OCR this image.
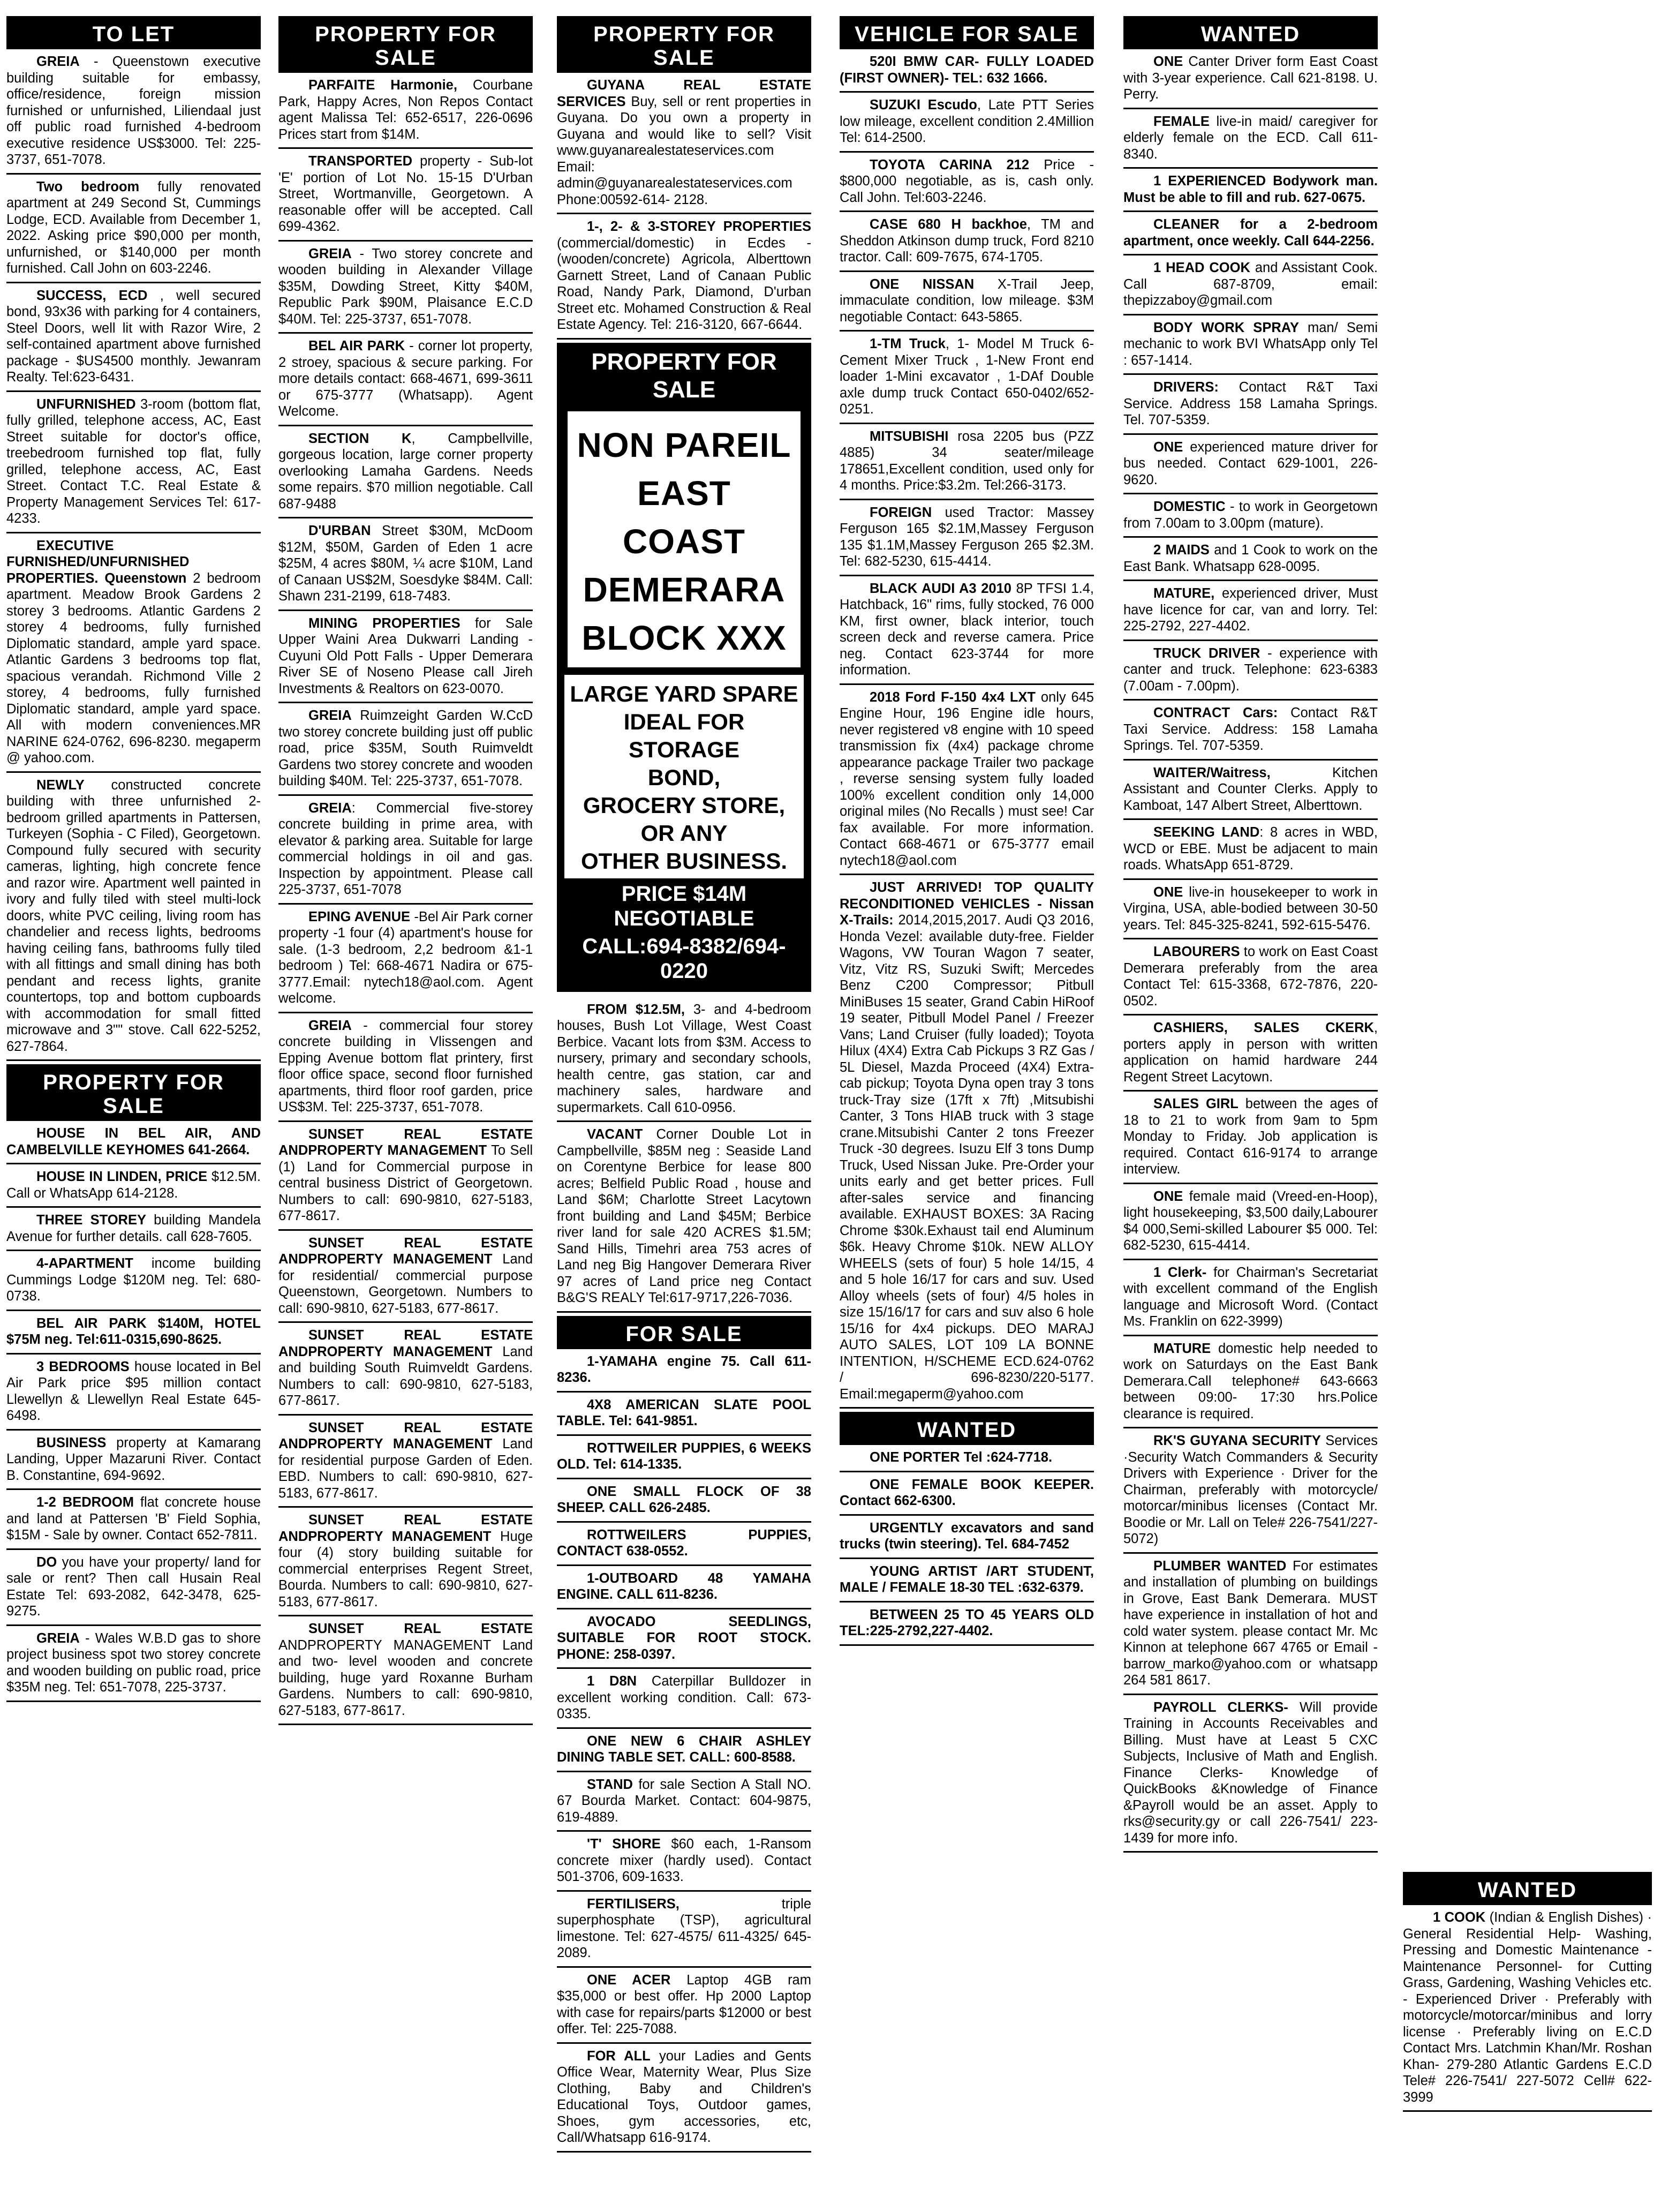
TO LET
GREIA - Queenstown executive building suitable for embassy, office/residence, foreign mission furnished or unfurnished, Liliendaal just off public road furnished 4-bedroom executive residence US$3000. Tel: 225-3737, 651-7078.
Two bedroom fully renovated apartment at 249 Second St, Cummings Lodge, ECD. Available from December 1, 2022. Asking price $90,000 per month, unfurnished, or $140,000 per month furnished. Call John on 603-2246.
SUCCESS, ECD , well secured bond, 93x36 with parking for 4 containers, Steel Doors, well lit with Razor Wire, 2 self-contained apartment above furnished package - $US4500 monthly. Jewanram Realty. Tel:623-6431.
UNFURNISHED 3-room (bottom flat, fully grilled, telephone access, AC, East Street suitable for doctor's office, treebedroom furnished top flat, fully grilled, telephone access, AC, East Street. Contact T.C. Real Estate & Property Management Services Tel: 617-4233.
EXECUTIVE FURNISHED/UNFURNISHED PROPERTIES. Queenstown 2 bedroom apartment. Meadow Brook Gardens 2 storey 3 bedrooms. Atlantic Gardens 2 storey 4 bedrooms, fully furnished Diplomatic standard, ample yard space. Atlantic Gardens 3 bedrooms top flat, spacious verandah. Richmond Ville 2 storey, 4 bedrooms, fully furnished Diplomatic standard, ample yard space. All with modern conveniences.MR NARINE 624-0762, 696-8230. megaperm @ yahoo.com.
NEWLY constructed concrete building with three unfurnished 2-bedroom grilled apartments in Pattersen, Turkeyen (Sophia - C Filed), Georgetown. Compound fully secured with security cameras, lighting, high concrete fence and razor wire. Apartment well painted in ivory and fully tiled with steel multi-lock doors, white PVC ceiling, living room has chandelier and recess lights, bedrooms having ceiling fans, bathrooms fully tiled with all fittings and small dining has both pendant and recess lights, granite countertops, top and bottom cupboards with accommodation for small fitted microwave and 3"" stove. Call 622-5252, 627-7864.
PROPERTY FOR SALE
HOUSE IN BEL AIR, AND CAMBELVILLE KEYHOMES 641-2664.
HOUSE IN LINDEN, PRICE $12.5M. Call or WhatsApp 614-2128.
THREE STOREY building Mandela Avenue for further details. call 628-7605.
4-APARTMENT income building Cummings Lodge $120M neg. Tel: 680-0738.
BEL AIR PARK $140M, HOTEL $75M neg. Tel:611-0315,690-8625.
3 BEDROOMS house located in Bel Air Park price $95 million contact Llewellyn & Llewellyn Real Estate 645-6498.
BUSINESS property at Kamarang Landing, Upper Mazaruni River. Contact B. Constantine, 694-9692.
1-2 BEDROOM flat concrete house and land at Pattersen 'B' Field Sophia, $15M - Sale by owner. Contact 652-7811.
DO you have your property/ land for sale or rent? Then call Husain Real Estate Tel: 693-2082, 642-3478, 625-9275.
GREIA - Wales W.B.D gas to shore project business spot two storey concrete and wooden building on public road, price $35M neg. Tel: 651-7078, 225-3737.
PROPERTY FOR SALE
PARFAITE Harmonie, Courbane Park, Happy Acres, Non Repos Contact agent Malissa Tel: 652-6517, 226-0696 Prices start from $14M.
TRANSPORTED property - Sub-lot 'E' portion of Lot No. 15-15 D'Urban Street, Wortmanville, Georgetown. A reasonable offer will be accepted. Call 699-4362.
GREIA - Two storey concrete and wooden building in Alexander Village $35M, Dowding Street, Kitty $40M, Republic Park $90M, Plaisance E.C.D $40M. Tel: 225-3737, 651-7078.
BEL AIR PARK - corner lot property, 2 stroey, spacious & secure parking. For more details contact: 668-4671, 699-3611 or 675-3777 (Whatsapp). Agent Welcome.
SECTION K, Campbellville, gorgeous location, large corner property overlooking Lamaha Gardens. Needs some repairs. $70 million negotiable. Call 687-9488
D'URBAN Street $30M, McDoom $12M, $50M, Garden of Eden 1 acre $25M, 4 acres $80M, ¼ acre $10M, Land of Canaan US$2M, Soesdyke $84M. Call: Shawn 231-2199, 618-7483.
MINING PROPERTIES for Sale Upper Waini Area Dukwarri Landing -Cuyuni Old Pott Falls - Upper Demerara River SE of Noseno Please call Jireh Investments & Realtors on 623-0070.
GREIA Ruimzeight Garden W.CcD two storey concrete building just off public road, price $35M, South Ruimveldt Gardens two storey concrete and wooden building $40M. Tel: 225-3737, 651-7078.
GREIA: Commercial five-storey concrete building in prime area, with elevator & parking area. Suitable for large commercial holdings in oil and gas. Inspection by appointment. Please call 225-3737, 651-7078
EPING AVENUE -Bel Air Park corner property -1 four (4) apartment's house for sale. (1-3 bedroom, 2,2 bedroom &1-1 bedroom ) Tel: 668-4671 Nadira or 675-3777.Email: nytech18@aol.com. Agent welcome.
GREIA - commercial four storey concrete building in Vlissengen and Epping Avenue bottom flat printery, first floor office space, second floor furnished apartments, third floor roof garden, price US$3M. Tel: 225-3737, 651-7078.
SUNSET REAL ESTATE ANDPROPERTY MANAGEMENT To Sell (1) Land for Commercial purpose in central business District of Georgetown. Numbers to call: 690-9810, 627-5183, 677-8617.
SUNSET REAL ESTATE ANDPROPERTY MANAGEMENT Land for residential/ commercial purpose Queenstown, Georgetown. Numbers to call: 690-9810, 627-5183, 677-8617.
SUNSET REAL ESTATE ANDPROPERTY MANAGEMENT Land and building South Ruimveldt Gardens. Numbers to call: 690-9810, 627-5183, 677-8617.
SUNSET REAL ESTATE ANDPROPERTY MANAGEMENT Land for residential purpose Garden of Eden. EBD. Numbers to call: 690-9810, 627-5183, 677-8617.
SUNSET REAL ESTATE ANDPROPERTY MANAGEMENT Huge four (4) story building suitable for commercial enterprises Regent Street, Bourda. Numbers to call: 690-9810, 627-5183, 677-8617.
SUNSET REAL ESTATE ANDPROPERTY MANAGEMENT Land and two- level wooden and concrete building, huge yard Roxanne Burham Gardens. Numbers to call: 690-9810, 627-5183, 677-8617.
PROPERTY FOR SALE
GUYANA REAL ESTATE SERVICES Buy, sell or rent properties in Guyana. Do you own a property in Guyana and would like to sell? Visit www.guyanarealestateservices.com Email: admin@guyanarealestateservices.com Phone:00592-614- 2128.
1-, 2- & 3-STOREY PROPERTIES (commercial/domestic) in Ecdes - (wooden/concrete) Agricola, Alberttown Garnett Street, Land of Canaan Public Road, Nandy Park, Diamond, D'urban Street etc. Mohamed Construction & Real Estate Agency. Tel: 216-3120, 667-6644.
PROPERTY FOR SALE
NON PAREIL
EAST COAST
DEMERARA
BLOCK XXX
LARGE YARD SPARE
IDEAL FOR STORAGE
BOND,
GROCERY STORE,
OR ANY
OTHER BUSINESS.
PRICE $14M NEGOTIABLE
CALL:694-8382/694-0220
FROM $12.5M, 3- and 4-bedroom houses, Bush Lot Village, West Coast Berbice. Vacant lots from $3M. Access to nursery, primary and secondary schools, health centre, gas station, car and machinery sales, hardware and supermarkets. Call 610-0956.
VACANT Corner Double Lot in Campbellville, $85M neg : Seaside Land on Corentyne Berbice for lease 800 acres; Belfield Public Road , house and Land $6M; Charlotte Street Lacytown front building and Land $45M; Berbice river land for sale 420 ACRES $1.5M; Sand Hills, Timehri area 753 acres of Land neg Big Hangover Demerara River 97 acres of Land price neg Contact B&G'S REALY Tel:617-9717,226-7036.
FOR SALE
1-YAMAHA engine 75. Call 611-8236.
4X8 AMERICAN SLATE POOL TABLE. Tel: 641-9851.
ROTTWEILER PUPPIES, 6 WEEKS OLD. Tel: 614-1335.
ONE SMALL FLOCK OF 38 SHEEP. CALL 626-2485.
ROTTWEILERS PUPPIES, CONTACT 638-0552.
1-OUTBOARD 48 YAMAHA ENGINE. CALL 611-8236.
AVOCADO SEEDLINGS, SUITABLE FOR ROOT STOCK. PHONE: 258-0397.
1 D8N Caterpillar Bulldozer in excellent working condition. Call: 673-0335.
ONE NEW 6 CHAIR ASHLEY DINING TABLE SET. CALL: 600-8588.
STAND for sale Section A Stall NO. 67 Bourda Market. Contact: 604-9875, 619-4889.
'T' SHORE $60 each, 1-Ransom concrete mixer (hardly used). Contact 501-3706, 609-1633.
FERTILISERS, triple superphosphate (TSP), agricultural limestone. Tel: 627-4575/ 611-4325/ 645-2089.
ONE ACER Laptop 4GB ram $35,000 or best offer. Hp 2000 Laptop with case for repairs/parts $12000 or best offer. Tel: 225-7088.
FOR ALL your Ladies and Gents Office Wear, Maternity Wear, Plus Size Clothing, Baby and Children's Educational Toys, Outdoor games, Shoes, gym accessories, etc, Call/Whatsapp 616-9174.
VEHICLE FOR SALE
520I BMW CAR- FULLY LOADED (FIRST OWNER)- TEL: 632 1666.
SUZUKI Escudo, Late PTT Series low mileage, excellent condition 2.4Million Tel: 614-2500.
TOYOTA CARINA 212 Price - $800,000 negotiable, as is, cash only. Call John. Tel:603-2246.
CASE 680 H backhoe, TM and Sheddon Atkinson dump truck, Ford 8210 tractor. Call: 609-7675, 674-1705.
ONE NISSAN X-Trail Jeep, immaculate condition, low mileage. $3M negotiable Contact: 643-5865.
1-TM Truck, 1- Model M Truck 6-Cement Mixer Truck , 1-New Front end loader 1-Mini excavator , 1-DAf Double axle dump truck Contact 650-0402/652-0251.
MITSUBISHI rosa 2205 bus (PZZ 4885) 34 seater/mileage 178651,Excellent condition, used only for 4 months. Price:$3.2m. Tel:266-3173.
FOREIGN used Tractor: Massey Ferguson 165 $2.1M,Massey Ferguson 135 $1.1M,Massey Ferguson 265 $2.3M. Tel: 682-5230, 615-4414.
BLACK AUDI A3 2010 8P TFSI 1.4, Hatchback, 16" rims, fully stocked, 76 000 KM, first owner, black interior, touch screen deck and reverse camera. Price neg. Contact 623-3744 for more information.
2018 Ford F-150 4x4 LXT only 645 Engine Hour, 196 Engine idle hours, never registered v8 engine with 10 speed transmission fix (4x4) package chrome appearance package Trailer two package , reverse sensing system fully loaded 100% excellent condition only 14,000 original miles (No Recalls ) must see! Car fax available. For more information. Contact 668-4671 or 675-3777 email nytech18@aol.com
JUST ARRIVED! TOP QUALITY RECONDITIONED VEHICLES - Nissan X-Trails: 2014,2015,2017. Audi Q3 2016, Honda Vezel: available duty-free. Fielder Wagons, VW Touran Wagon 7 seater, Vitz, Vitz RS, Suzuki Swift; Mercedes Benz C200 Compressor; Pitbull MiniBuses 15 seater, Grand Cabin HiRoof 19 seater, Pitbull Model Panel / Freezer Vans; Land Cruiser (fully loaded); Toyota Hilux (4X4) Extra Cab Pickups 3 RZ Gas / 5L Diesel, Mazda Proceed (4X4) Extra-cab pickup; Toyota Dyna open tray 3 tons truck-Tray size (17ft x 7ft) ,Mitsubishi Canter, 3 Tons HIAB truck with 3 stage crane.Mitsubishi Canter 2 tons Freezer Truck -30 degrees. Isuzu Elf 3 tons Dump Truck, Used Nissan Juke. Pre-Order your units early and get better prices. Full after-sales service and financing available. EXHAUST BOXES: 3A Racing Chrome $30k.Exhaust tail end Aluminum $6k. Heavy Chrome $10k. NEW ALLOY WHEELS (sets of four) 5 hole 14/15, 4 and 5 hole 16/17 for cars and suv. Used Alloy wheels (sets of four) 4/5 holes in size 15/16/17 for cars and suv also 6 hole 15/16 for 4x4 pickups. DEO MARAJ AUTO SALES, LOT 109 LA BONNE INTENTION, H/SCHEME ECD.624-0762 / 696-8230/220-5177. Email:megaperm@yahoo.com
WANTED
ONE PORTER Tel :624-7718.
ONE FEMALE BOOK KEEPER. Contact 662-6300.
URGENTLY excavators and sand trucks (twin steering). Tel. 684-7452
YOUNG ARTIST /ART STUDENT, MALE / FEMALE 18-30 TEL :632-6379.
BETWEEN 25 TO 45 YEARS OLD TEL:225-2792,227-4402.
WANTED
ONE Canter Driver form East Coast with 3-year experience. Call 621-8198. U. Perry.
FEMALE live-in maid/ caregiver for elderly female on the ECD. Call 611-8340.
1 EXPERIENCED Bodywork man. Must be able to fill and rub. 627-0675.
CLEANER for a 2-bedroom apartment, once weekly. Call 644-2256.
1 HEAD COOK and Assistant Cook. Call 687-8709, email: thepizzaboy@gmail.com
BODY WORK SPRAY man/ Semi mechanic to work BVI WhatsApp only Tel : 657-1414.
DRIVERS: Contact R&T Taxi Service. Address 158 Lamaha Springs. Tel. 707-5359.
ONE experienced mature driver for bus needed. Contact 629-1001, 226-9620.
DOMESTIC - to work in Georgetown from 7.00am to 3.00pm (mature).
2 MAIDS and 1 Cook to work on the East Bank. Whatsapp 628-0095.
MATURE, experienced driver, Must have licence for car, van and lorry. Tel: 225-2792, 227-4402.
TRUCK DRIVER - experience with canter and truck. Telephone: 623-6383 (7.00am - 7.00pm).
CONTRACT Cars: Contact R&T Taxi Service. Address: 158 Lamaha Springs. Tel. 707-5359.
WAITER/Waitress, Kitchen Assistant and Counter Clerks. Apply to Kamboat, 147 Albert Street, Alberttown.
SEEKING LAND: 8 acres in WBD, WCD or EBE. Must be adjacent to main roads. WhatsApp 651-8729.
ONE live-in housekeeper to work in Virgina, USA, able-bodied between 30-50 years. Tel: 845-325-8241, 592-615-5476.
LABOURERS to work on East Coast Demerara preferably from the area Contact Tel: 615-3368, 672-7876, 220-0502.
CASHIERS, SALES CKERK, porters apply in person with written application on hamid hardware 244 Regent Street Lacytown.
SALES GIRL between the ages of 18 to 21 to work from 9am to 5pm Monday to Friday. Job application is required. Contact 616-9174 to arrange interview.
ONE female maid (Vreed-en-Hoop), light housekeeping, $3,500 daily,Labourer $4 000,Semi-skilled Labourer $5 000. Tel: 682-5230, 615-4414.
1 Clerk- for Chairman's Secretariat with excellent command of the English language and Microsoft Word. (Contact Ms. Franklin on 622-3999)
MATURE domestic help needed to work on Saturdays on the East Bank Demerara.Call telephone# 643-6663 between 09:00- 17:30 hrs.Police clearance is required.
RK'S GUYANA SECURITY Services ·Security Watch Commanders & Security Drivers with Experience · Driver for the Chairman, preferably with motorcycle/ motorcar/minibus licenses (Contact Mr. Boodie or Mr. Lall on Tele# 226-7541/227-5072)
PLUMBER WANTED For estimates and installation of plumbing on buildings in Grove, East Bank Demerara. MUST have experience in installation of hot and cold water system. please contact Mr. Mc Kinnon at telephone 667 4765 or Email - barrow_marko@yahoo.com or whatsapp 264 581 8617.
PAYROLL CLERKS- Will provide Training in Accounts Receivables and Billing. Must have at Least 5 CXC Subjects, Inclusive of Math and English. Finance Clerks- Knowledge of QuickBooks &Knowledge of Finance &Payroll would be an asset. Apply to rks@security.gy or call 226-7541/ 223-1439 for more info.
WANTED
1 COOK (Indian & English Dishes) · General Residential Help- Washing, Pressing and Domestic Maintenance - Maintenance Personnel- for Cutting Grass, Gardening, Washing Vehicles etc. - Experienced Driver · Preferably with motorcycle/motorcar/minibus and lorry license · Preferably living on E.C.D Contact Mrs. Latchmin Khan/Mr. Roshan Khan- 279-280 Atlantic Gardens E.C.D Tele# 226-7541/ 227-5072 Cell# 622-3999
